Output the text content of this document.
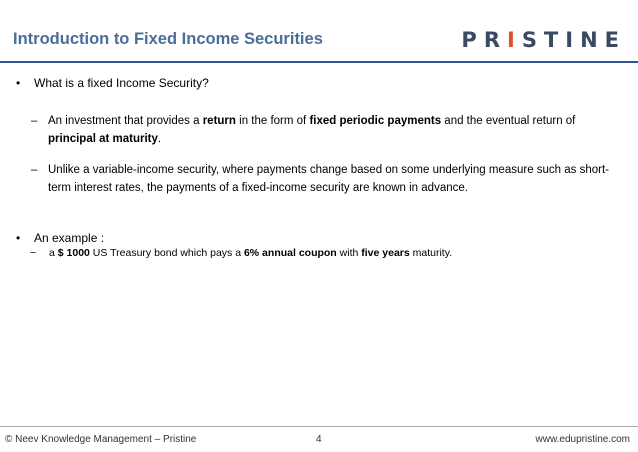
Introduction to Fixed Income Securities	PRISTINE
• What is a fixed Income Security?
– An investment that provides a return in the form of fixed periodic payments and the eventual return of principal at maturity.
– Unlike a variable-income security, where payments change based on some underlying measure such as short-term interest rates, the payments of a fixed-income security are known in advance.
• An example :
−	a $ 1000 US Treasury bond which pays a 6% annual coupon with five years maturity.
© Neev Knowledge Management – Pristine	4	www.edupristine.com
